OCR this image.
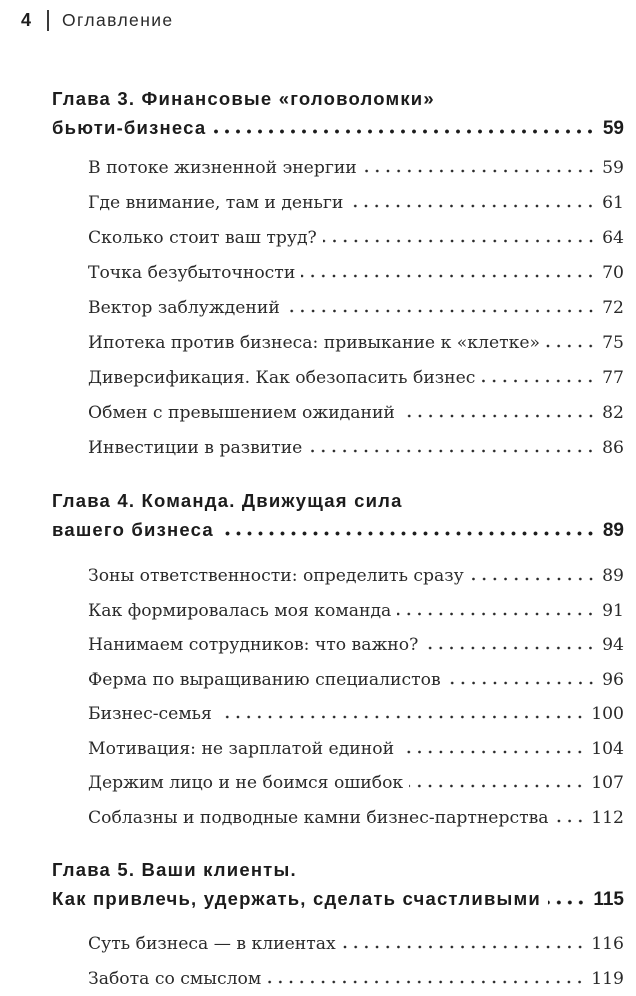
4 Оглавление
Глава 3. Финансовые «головоломки»
бьюти-бизнеса	59
В потоке жизненной энергии	59
Где внимание, там и деньги	61
Сколько стоит ваш труд?	64
Точка безубыточности	70
Вектор заблуждений	72
Ипотека против бизнеса: привыкание к «клетке»	75
Диверсификация. Как обезопасить бизнес	77
Обмен с превышением ожиданий	82
Инвестиции в развитие	86
Глава 4. Команда. Движущая сила
вашего бизнеса	89
Зоны ответственности: определить сразу	89
Как формировалась моя команда	91
Нанимаем сотрудников: что важно?	94
Ферма по выращиванию специалистов	96
Бизнес-семья	100
Мотивация: не зарплатой единой	104
Держим лицо и не боимся ошибок	107
Соблазны и подводные камни бизнес-партнерства 112
Глава 5. Ваши клиенты.
Как привлечь, удержать, сделать счастливыми	115
Суть бизнеса — в клиентах	116
Забота со смыслом	119
